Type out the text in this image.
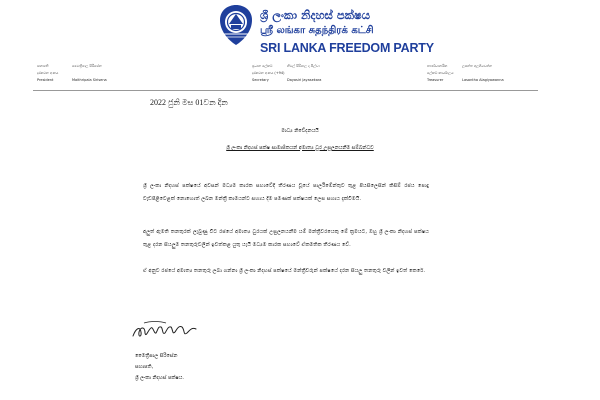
ශ්‍රී ලංකා නිදහස් පක්ෂය
ஸ்ரீ லங்கா சுதந்திரக் கட்சி
SRI LANKA FREEDOM PARTY
සභාපති
දුරකථන අංකය
President
මෛත්‍රීපාල සිරිසේන

Maithripala Sirisena
ප්‍රධාන ලේකම්
දුරකථන අංකය (+94)
Secretary
නිමල් සිරිපාල ද සිල්වා

Dayasiri Jayasekara
භාණ්ඩාගාරික
ලේකම් කාර්යාලය
Treasurer
ලසන්ත අලගියවන්න

Lasantha Alagiyawanna
2022 ජුනි මස 01වන දින
මාධ්‍ය නිවේදනයයි
ශ්‍රී ලංකා නිදහස් පක්ෂ සාමාජිකයන් අමාත්‍ය ධුර උසුලනයනීම සම්බන්ධව
ශ්‍රී ලංකා නිදහස් පක්ෂයේ අවසන් මධ්‍යම කාරක සභාවේදී තීරණය වූයේ පාර්ලිමේන්තුව තුළ පියසිලෙසින් කිසිම් රජය පොදු වැඩපිළිවෙළක් නොහොත් ලබන මන්ත්‍රී කාමයන්ට සහාය දීම පමණක් පක්ෂයක් ලෙස සහාය දැක්වීමයි.
අලුත් ඇමති තනතුරක් ලැබුණු විට රජයේ අමාත්‍ය ධුරයක් උසුලනයනීම යම් මන්ත්‍රීවරයෙකු මේ ක්‍රමයට, ඔහු ශ්‍රී ලංකා නිදහස් පක්ෂය තුළ දරන සියලුම තනතුරුවලින් ඉවත්කළ යුතු යැයි මධ්‍යම කාරක සභාවේ ඒකමතික තීරණය වේ.
ඒ අනුව රජයේ අමාත්‍ය තනතුරු ලබා ගන්නා ශ්‍රී ලංකා නිදහස් පක්ෂයේ මන්ත්‍රීවරුන් පක්ෂයේ දරන සියලු තනතුරු වලින් ඉවත් කෙරේ.
මෛත්‍රීපාල සිරිසේන
සභාපති,
ශ්‍රී ලංකා නිදහස් පක්ෂය.
